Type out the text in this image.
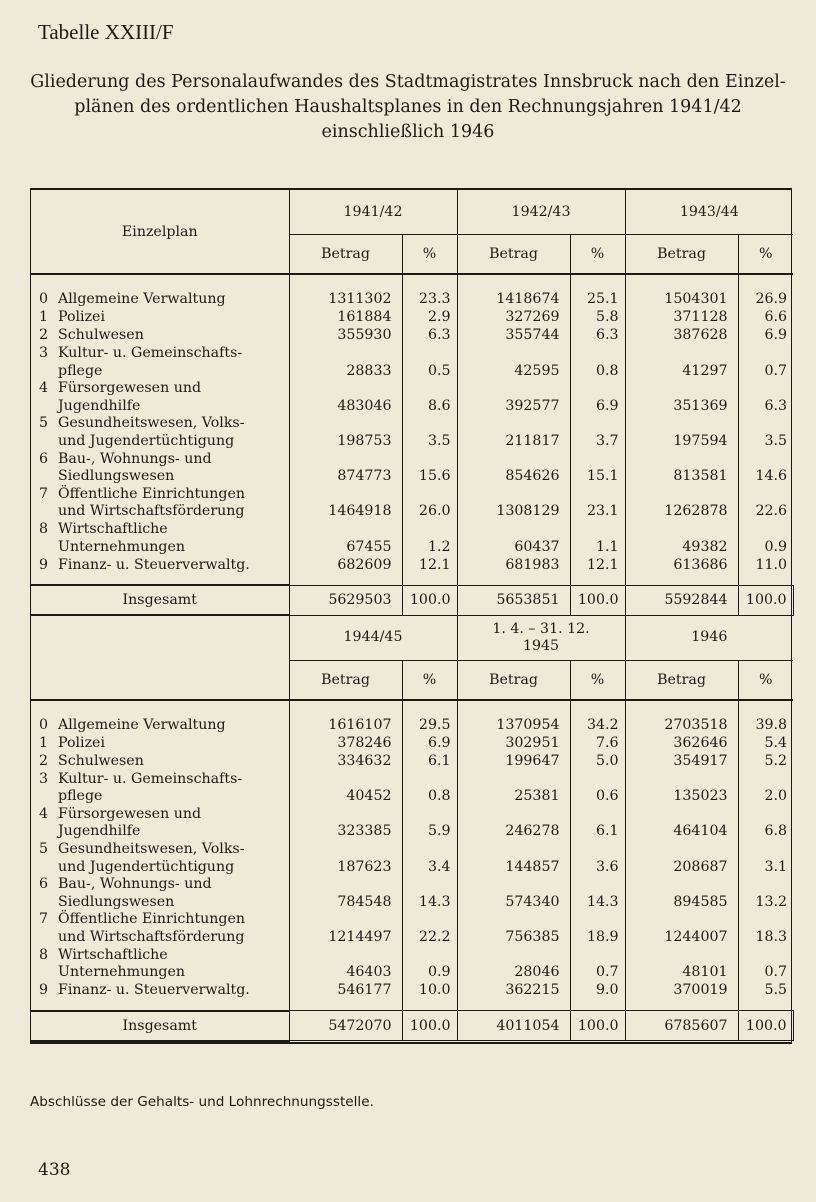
Tabelle XXIII/F
Gliederung des Personalaufwandes des Stadtmagistrates Innsbruck nach den Einzel-
plänen des ordentlichen Haushaltsplanes in den Rechnungsjahren 1941/42
einschließlich 1946
Einzelplan	1941/42		1942/43		1943/44	
	Betrag	%	Betrag	%	Betrag	%

0 Allgemeine Verwaltung	1311302	23.3	1418674	25.1	1504301	26.9

1 Polizei	161884	2.9	327269	5.8	371128	6.6

2 Schulwesen	355930	6.3	355744	6.3	387628	6.9

3 Kultur- u. Gemeinschafts-
pflege	28833	0.5	42595	0.8	41297	0.7

4 Fürsorgewesen und
Jugendhilfe	483046	8.6	392577	6.9	351369	6.3

5 Gesundheitswesen, Volks-
und Jugendertüchtigung	198753	3.5	211817	3.7	197594	3.5

6 Bau-, Wohnungs- und
Siedlungswesen	874773	15.6	854626	15.1	813581	14.6

7 Öffentliche Einrichtungen
und Wirtschaftsförderung	1464918	26.0	1308129	23.1	1262878	22.6

8 Wirtschaftliche
Unternehmungen	67455	1.2	60437	1.1	49382	0.9

9 Finanz- u. Steuerverwaltg.	682609	12.1	681983	12.1	613686	11.0

Insgesamt	5629503	100.0	5653851	100.0	5592844	100.0
	1944/45		1. 4. – 31. 12.
1945		1946	
	Betrag	%	Betrag	%	Betrag	%

0 Allgemeine Verwaltung	1616107	29.5	1370954	34.2	2703518	39.8

1 Polizei	378246	6.9	302951	7.6	362646	5.4

2 Schulwesen	334632	6.1	199647	5.0	354917	5.2

3 Kultur- u. Gemeinschafts-
pflege	40452	0.8	25381	0.6	135023	2.0

4 Fürsorgewesen und
Jugendhilfe	323385	5.9	246278	6.1	464104	6.8

5 Gesundheitswesen, Volks-
und Jugendertüchtigung	187623	3.4	144857	3.6	208687	3.1

6 Bau-, Wohnungs- und
Siedlungswesen	784548	14.3	574340	14.3	894585	13.2

7 Öffentliche Einrichtungen
und Wirtschaftsförderung	1214497	22.2	756385	18.9	1244007	18.3

8 Wirtschaftliche
Unternehmungen	46403	0.9	28046	0.7	48101	0.7

9 Finanz- u. Steuerverwaltg.	546177	10.0	362215	9.0	370019	5.5

Insgesamt	5472070	100.0	4011054	100.0	6785607	100.0
Abschlüsse der Gehalts- und Lohnrechnungsstelle.
438
